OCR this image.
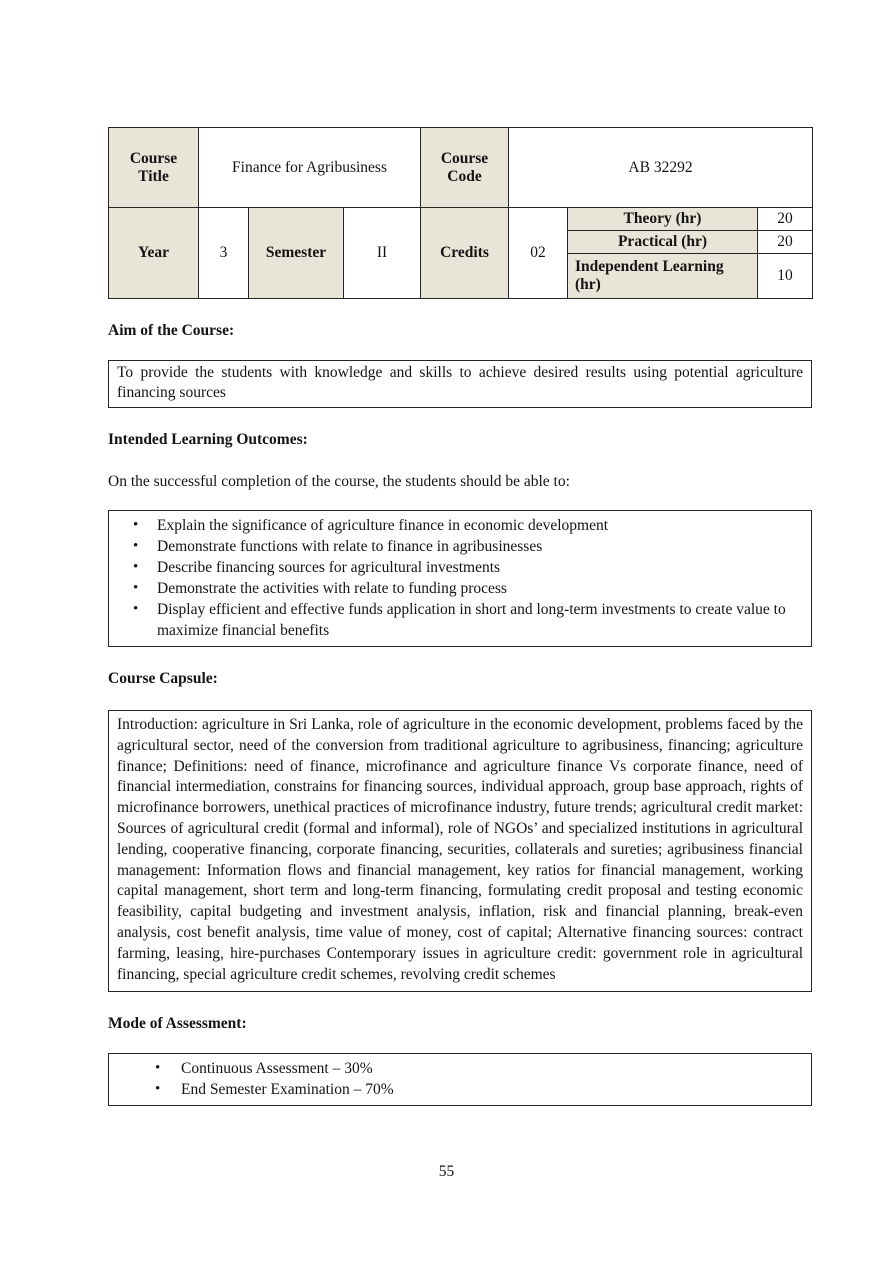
Course Title	Finance for Agribusiness			Course Code	AB 32292		
Year	3	Semester	II	Credits	02	Theory (hr)	20
						Practical (hr)	20
						Independent Learning (hr)	10
Aim of the Course:
To provide the students with knowledge and skills to achieve desired results using potential agriculture financing sources
Intended Learning Outcomes:

On the successful completion of the course, the students should be able to:

• Explain the significance of agriculture finance in economic development
• Demonstrate functions with relate to finance in agribusinesses
• Describe financing sources for agricultural investments
• Demonstrate the activities with relate to funding process
• Display efficient and effective funds application in short and long-term investments to create value to maximize financial benefits
Course Capsule:
Introduction: agriculture in Sri Lanka, role of agriculture in the economic development, problems faced by the agricultural sector, need of the conversion from traditional agriculture to agribusiness, financing; agriculture finance; Definitions: need of finance, microfinance and agriculture finance Vs corporate finance, need of financial intermediation, constrains for financing sources, individual approach, group base approach, rights of microfinance borrowers, unethical practices of microfinance industry, future trends; agricultural credit market: Sources of agricultural credit (formal and informal), role of NGOs’ and specialized institutions in agricultural lending, cooperative financing, corporate financing, securities, collaterals and sureties; agribusiness financial management: Information flows and financial management, key ratios for financial management, working capital management, short term and long-term financing, formulating credit proposal and testing economic feasibility, capital budgeting and investment analysis, inflation, risk and financial planning, break-even analysis, cost benefit analysis, time value of money, cost of capital; Alternative financing sources: contract farming, leasing, hire-purchases Contemporary issues in agriculture credit: government role in agricultural financing, special agriculture credit schemes, revolving credit schemes
Mode of Assessment:
• Continuous Assessment – 30%
• End Semester Examination – 70%
55
